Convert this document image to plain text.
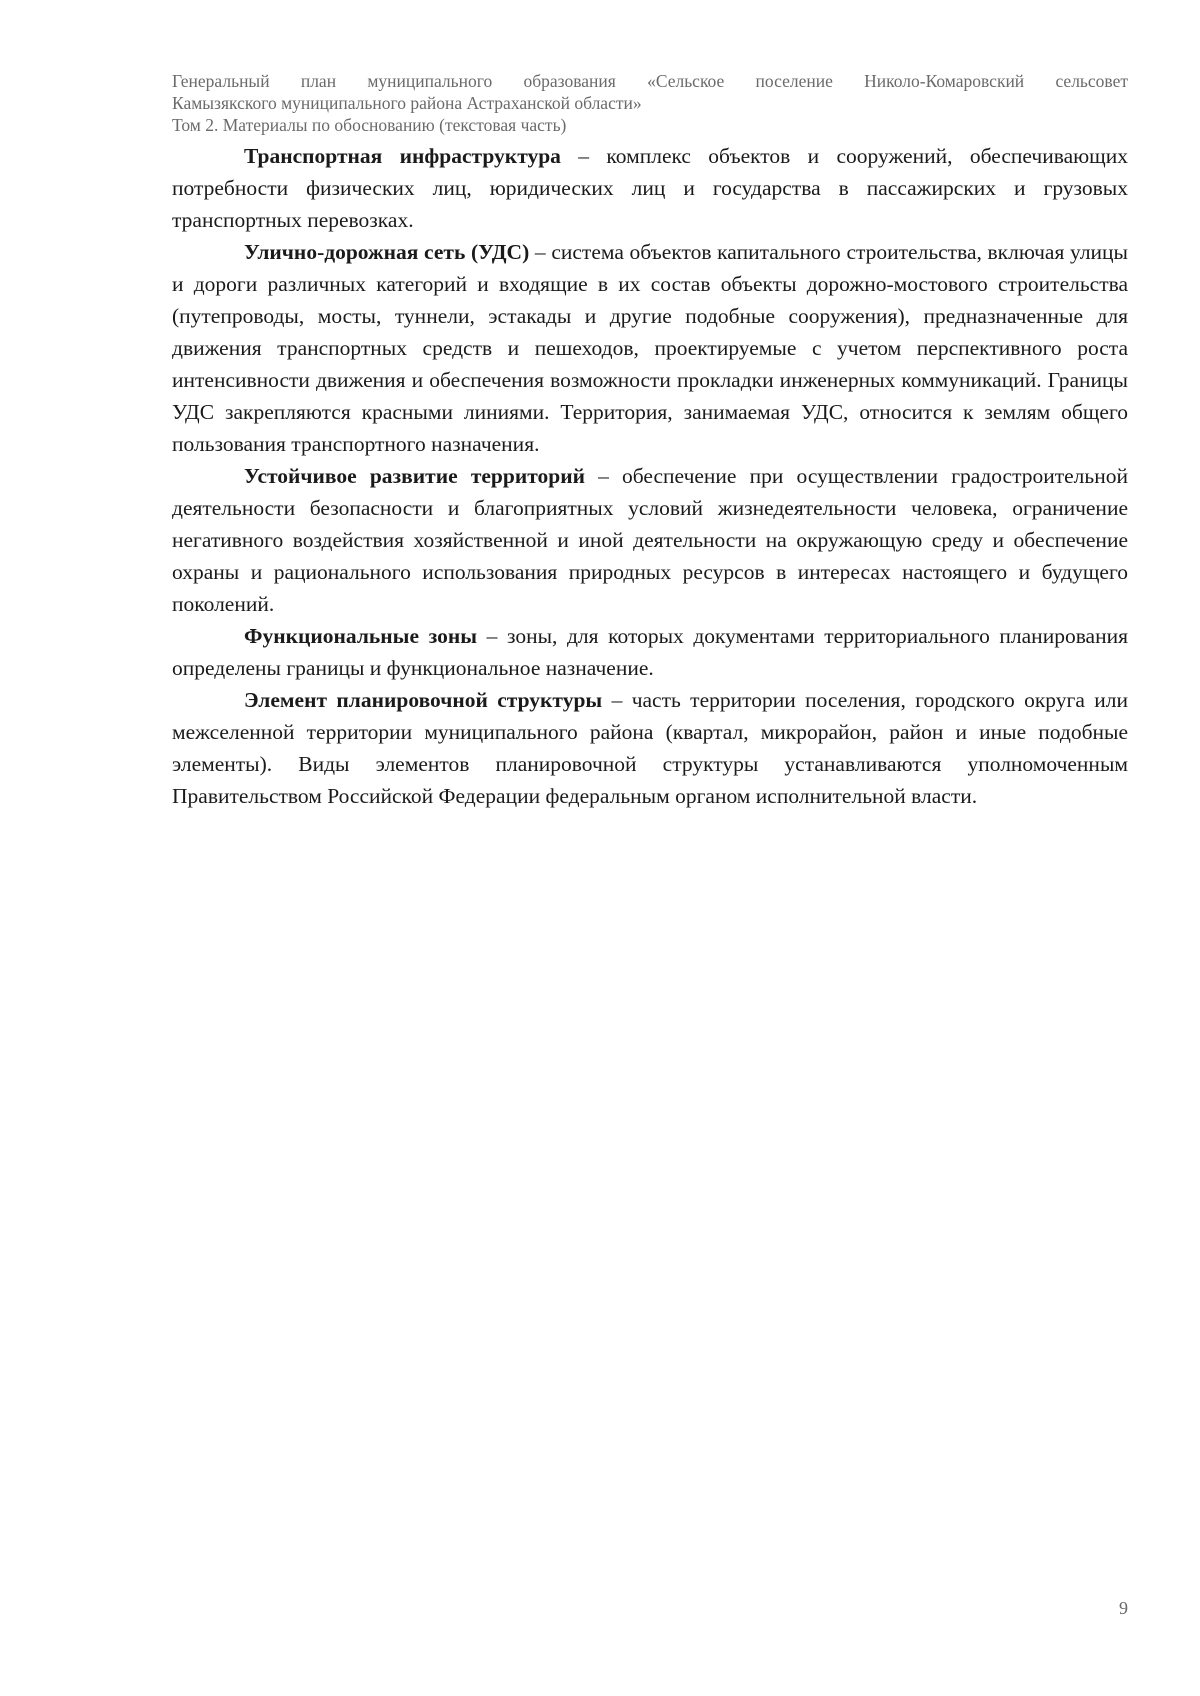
Генеральный план муниципального образования «Сельское поселение Николо-Комаровский сельсовет
Камызякского муниципального района Астраханской области»
Том 2. Материалы по обоснованию (текстовая часть)

Транспортная инфраструктура – комплекс объектов и сооружений, обеспечивающих потребности физических лиц, юридических лиц и государства в пассажирских и грузовых транспортных перевозках.

Улично-дорожная сеть (УДС) – система объектов капитального строительства, включая улицы и дороги различных категорий и входящие в их состав объекты дорожно-мостового строительства (путепроводы, мосты, туннели, эстакады и другие подобные сооружения), предназначенные для движения транспортных средств и пешеходов, проектируемые с учетом перспективного роста интенсивности движения и обеспечения возможности прокладки инженерных коммуникаций. Границы УДС закрепляются красными линиями. Территория, занимаемая УДС, относится к землям общего пользования транспортного назначения.

Устойчивое развитие территорий – обеспечение при осуществлении градостроительной деятельности безопасности и благоприятных условий жизнедеятельности человека, ограничение негативного воздействия хозяйственной и иной деятельности на окружающую среду и обеспечение охраны и рационального использования природных ресурсов в интересах настоящего и будущего поколений.

Функциональные зоны – зоны, для которых документами территориального планирования определены границы и функциональное назначение.

Элемент планировочной структуры – часть территории поселения, городского округа или межселенной территории муниципального района (квартал, микрорайон, район и иные подобные элементы). Виды элементов планировочной структуры устанавливаются уполномоченным Правительством Российской Федерации федеральным органом исполнительной власти.

9
